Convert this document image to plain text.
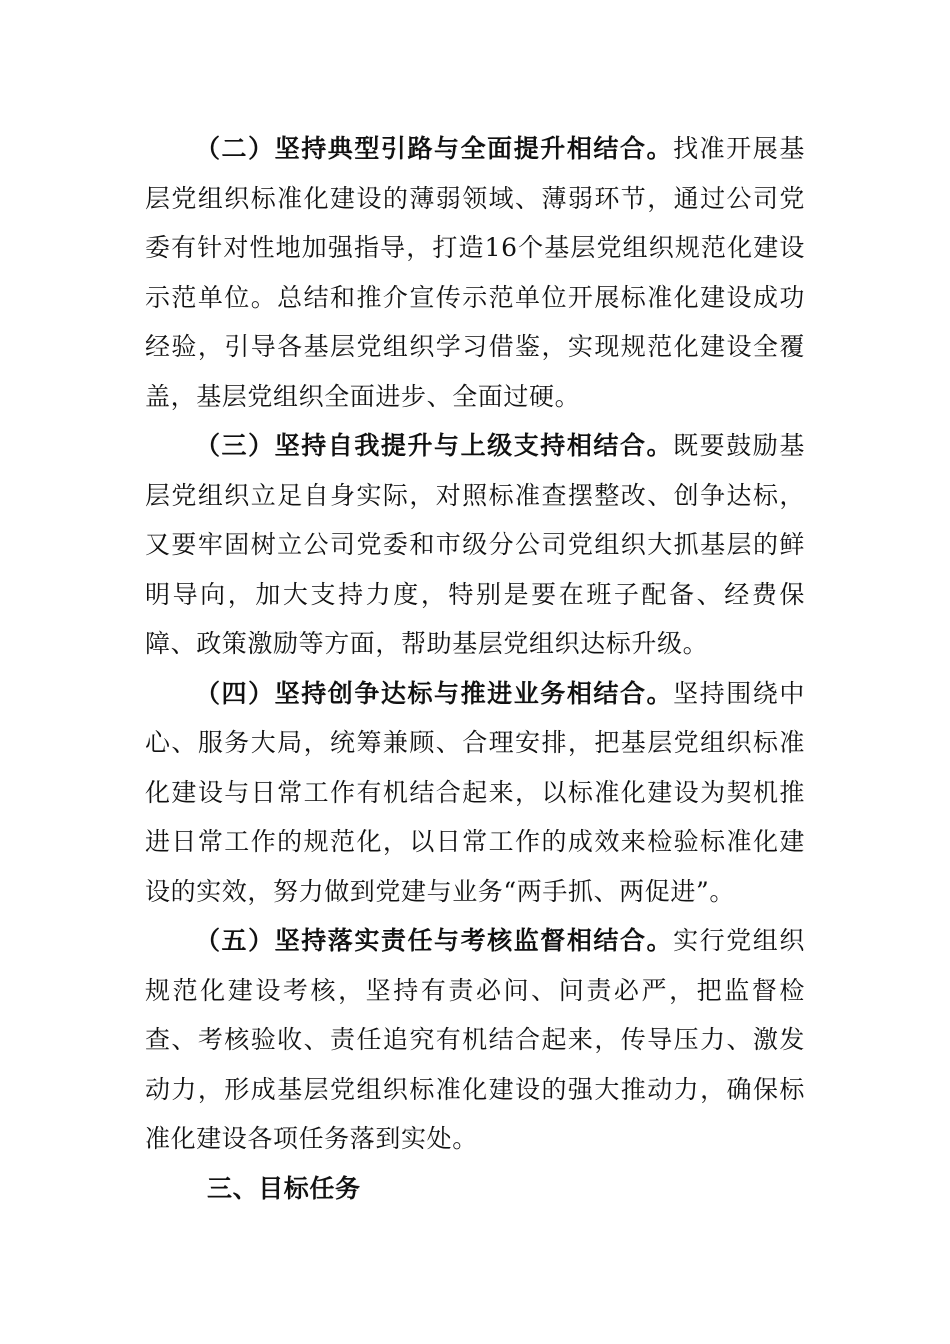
（二）坚持典型引路与全面提升相结合。找准开展基层党组织标准化建设的薄弱领域、薄弱环节，通过公司党委有针对性地加强指导，打造16个基层党组织规范化建设示范单位。总结和推介宣传示范单位开展标准化建设成功经验，引导各基层党组织学习借鉴，实现规范化建设全覆盖，基层党组织全面进步、全面过硬。

（三）坚持自我提升与上级支持相结合。既要鼓励基层党组织立足自身实际，对照标准查摆整改、创争达标，又要牢固树立公司党委和市级分公司党组织大抓基层的鲜明导向，加大支持力度，特别是要在班子配备、经费保障、政策激励等方面，帮助基层党组织达标升级。

（四）坚持创争达标与推进业务相结合。坚持围绕中心、服务大局，统筹兼顾、合理安排，把基层党组织标准化建设与日常工作有机结合起来，以标准化建设为契机推进日常工作的规范化，以日常工作的成效来检验标准化建设的实效，努力做到党建与业务“两手抓、两促进”。

（五）坚持落实责任与考核监督相结合。实行党组织规范化建设考核，坚持有责必问、问责必严，把监督检查、考核验收、责任追究有机结合起来，传导压力、激发动力，形成基层党组织标准化建设的强大推动力，确保标准化建设各项任务落到实处。

三、目标任务
